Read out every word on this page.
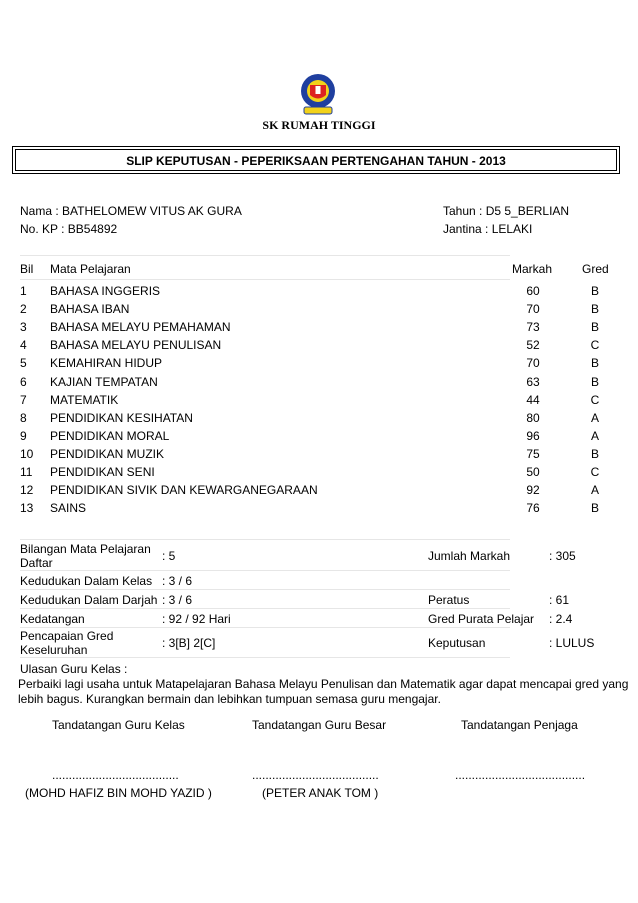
SK RUMAH TINGGI
SLIP KEPUTUSAN - PEPERIKSAAN PERTENGAHAN TAHUN - 2013
Nama : BATHELOMEW VITUS AK GURA
No. KP : BB54892
Tahun : D5 5_BERLIAN
Jantina : LELAKI
Bil Mata Pelajaran	Markah Gred
1 BAHASA INGGERIS	60	B
2 BAHASA IBAN	70	B
3 BAHASA MELAYU PEMAHAMAN	73	B
4 BAHASA MELAYU PENULISAN	52	C
5 KEMAHIRAN HIDUP	70	B
6 KAJIAN TEMPATAN	63	B
7 MATEMATIK	44	C
8 PENDIDIKAN KESIHATAN	80	A
9 PENDIDIKAN MORAL	96	A
10 PENDIDIKAN MUZIK	75	B
11 PENDIDIKAN SENI	50	C
12 PENDIDIKAN SIVIK DAN KEWARGANEGARAAN	92	A
13 SAINS	76	B
Bilangan Mata Pelajaran
Daftar	: 5	Jumlah Markah	: 305
Kedudukan Dalam Kelas : 3 / 6
Kedudukan Dalam Darjah : 3 / 6	Peratus	: 61
Kedatangan	: 92 / 92 Hari	Gred Purata Pelajar : 2.4
Pencapaian Gred
Keseluruhan	: 3[B] 2[C]	Keputusan	: LULUS
Ulasan Guru Kelas :
Perbaiki lagi usaha untuk Matapelajaran Bahasa Melayu Penulisan dan Matematik agar dapat mencapai gred yang
lebih bagus. Kurangkan bermain dan lebihkan tumpuan semasa guru mengajar.
Tandatangan Guru Kelas	Tandatangan Guru Besar	Tandatangan Penjaga
......................................	......................................	.......................................
(MOHD HAFIZ BIN MOHD YAZID )	(PETER ANAK TOM )
